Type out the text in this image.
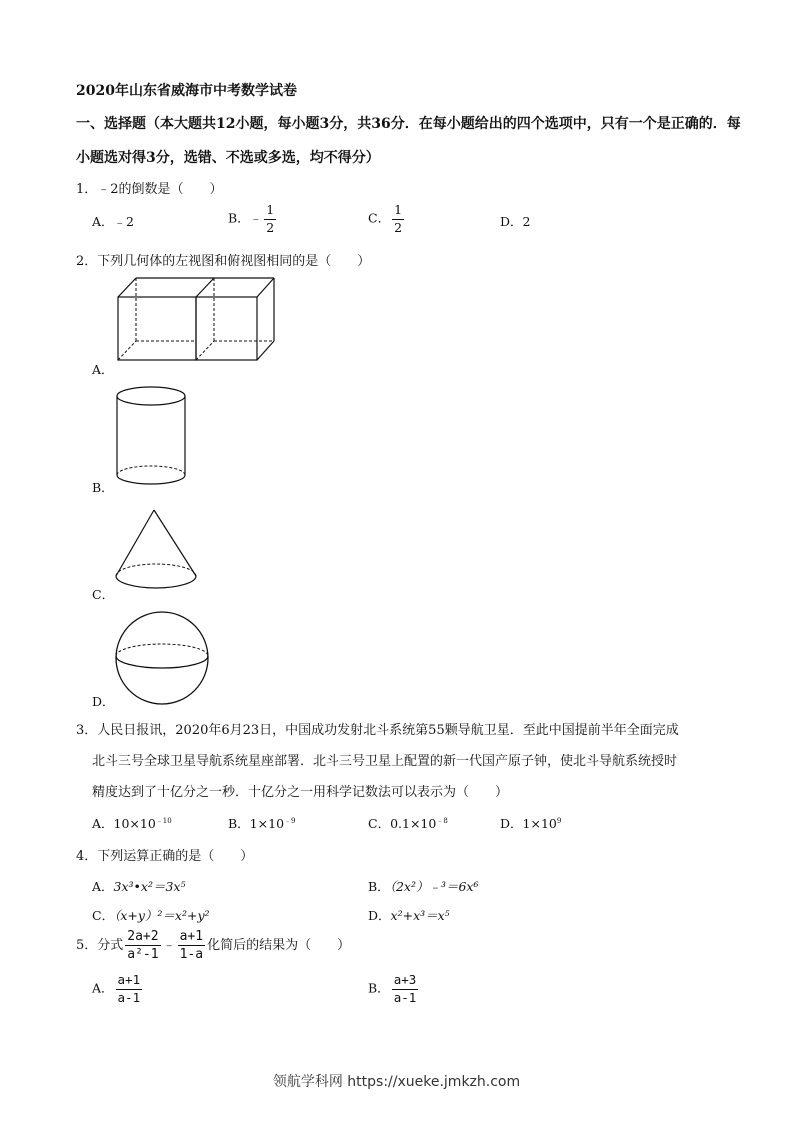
2020年山东省威海市中考数学试卷
一、选择题（本大题共12小题，每小题3分，共36分．在每小题给出的四个选项中，只有一个是正确的．每
小题选对得3分，选错、不选或多选，均不得分）
1．﹣2的倒数是（　　）
A．﹣2	B．﹣ $\frac{1}{2}$	C． $\frac{1}{2}$	D．2
2．下列几何体的左视图和俯视图相同的是（　　）
A．
B．
C．
D．
3．人民日报讯，2020年6月23日，中国成功发射北斗系统第55颗导航卫星．至此中国提前半年全面完成
北斗三号全球卫星导航系统星座部署．北斗三号卫星上配置的新一代国产原子钟，使北斗导航系统授时
精度达到了十亿分之一秒．十亿分之一用科学记数法可以表示为（　　）
A．$10\times 10^{﹣10}$	B．$1\times 10^{﹣9}$	C．$0.1\times 10^{﹣8}$	D．$1\times 10^9$
4．下列运算正确的是（　　）
A．3x³•x²＝3x⁵	B．（2x²）﹣³＝6x⁶
C．（x+y）²＝x²+y²	D．x²+x³＝x⁵
5．分式 $\frac{2a+2}{\text{a²-1}}$ ﹣ $\frac{a+1}{1-a}$ 化简后的结果为（　　）
A． $\frac{a+1}{a-1}$	B． $\frac{a+3}{a-1}$
领航学科网 https://xueke.jmkzh.com
